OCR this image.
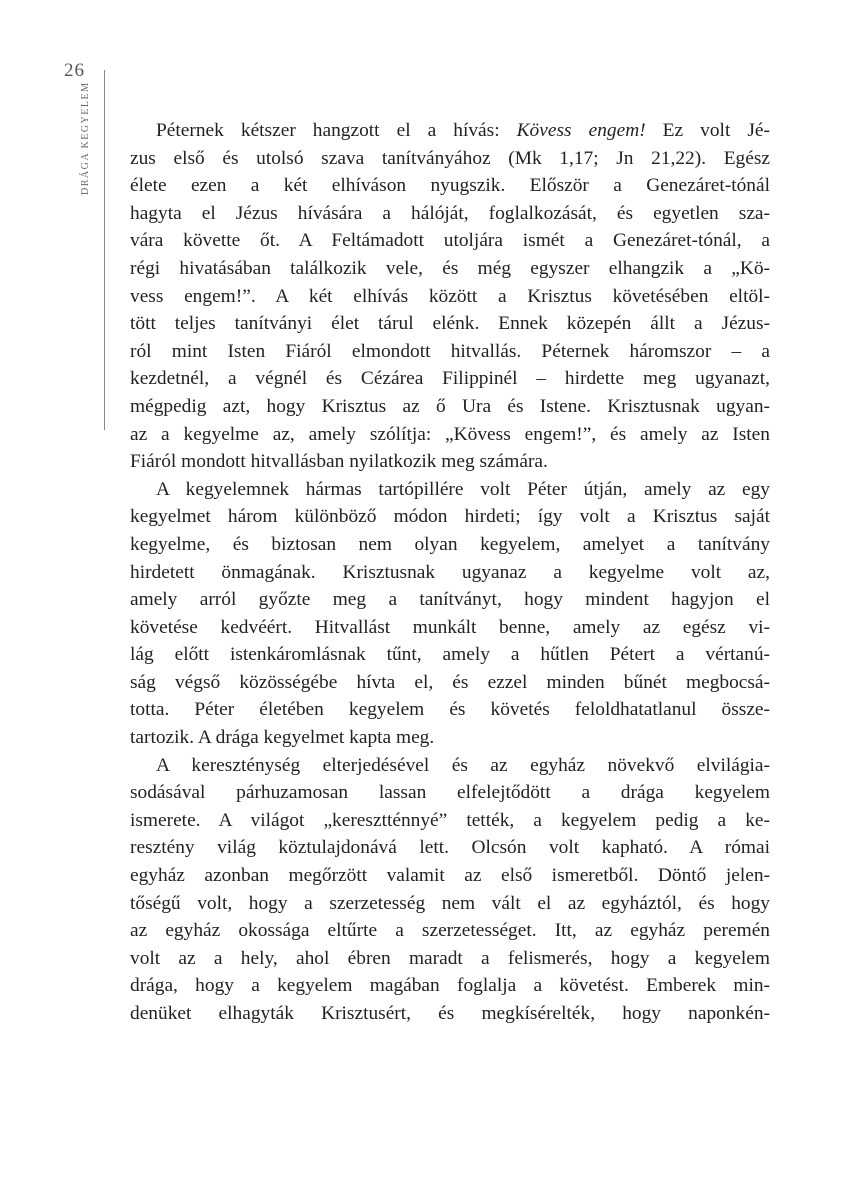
26
DRÁGA KEGYELEM	Péternek kétszer hangzott el a hívás: Kövess engem! Ez volt Jé-
zus első és utolsó szava tanítványához (Mk 1,17; Jn 21,22). Egész
élete ezen a két elhíváson nyugszik. Először a Genezáret-tónál
hagyta el Jézus hívására a hálóját, foglalkozását, és egyetlen sza-
vára követte őt. A Feltámadott utoljára ismét a Genezáret-tónál, a
régi hivatásában találkozik vele, és még egyszer elhangzik a „Kö-
vess engem!”. A két elhívás között a Krisztus követésében eltöl-
tött teljes tanítványi élet tárul elénk. Ennek közepén állt a Jézus-
ról mint Isten Fiáról elmondott hitvallás. Péternek háromszor – a
kezdetnél, a végnél és Cézárea Filippinél – hirdette meg ugyanazt,
mégpedig azt, hogy Krisztus az ő Ura és Istene. Krisztusnak ugyan-
az a kegyelme az, amely szólítja: „Kövess engem!”, és amely az Isten
Fiáról mondott hitvallásban nyilatkozik meg számára.
A kegyelemnek hármas tartópillére volt Péter útján, amely az egy
kegyelmet három különböző módon hirdeti; így volt a Krisztus saját
kegyelme, és biztosan nem olyan kegyelem, amelyet a tanítvány
hirdetett önmagának. Krisztusnak ugyanaz a kegyelme volt az,
amely arról győzte meg a tanítványt, hogy mindent hagyjon el
követése kedvéért. Hitvallást munkált benne, amely az egész vi-
lág előtt istenkáromlásnak tűnt, amely a hűtlen Pétert a vértanú-
ság végső közösségébe hívta el, és ezzel minden bűnét megbocsá-
totta. Péter életében kegyelem és követés feloldhatatlanul össze-
tartozik. A drága kegyelmet kapta meg.
A kereszténység elterjedésével és az egyház növekvő elvilágia-
sodásával párhuzamosan lassan elfelejtődött a drága kegyelem
ismerete. A világot „keresztténnyé” tették, a kegyelem pedig a ke-
resztény világ köztulajdonává lett. Olcsón volt kapható. A római
egyház azonban megőrzött valamit az első ismeretből. Döntő jelen-
tőségű volt, hogy a szerzetesség nem vált el az egyháztól, és hogy
az egyház okossága eltűrte a szerzetességet. Itt, az egyház peremén
volt az a hely, ahol ébren maradt a felismerés, hogy a kegyelem
drága, hogy a kegyelem magában foglalja a követést. Emberek min-
denüket elhagyták Krisztusért, és megkísérelték, hogy naponkén-
